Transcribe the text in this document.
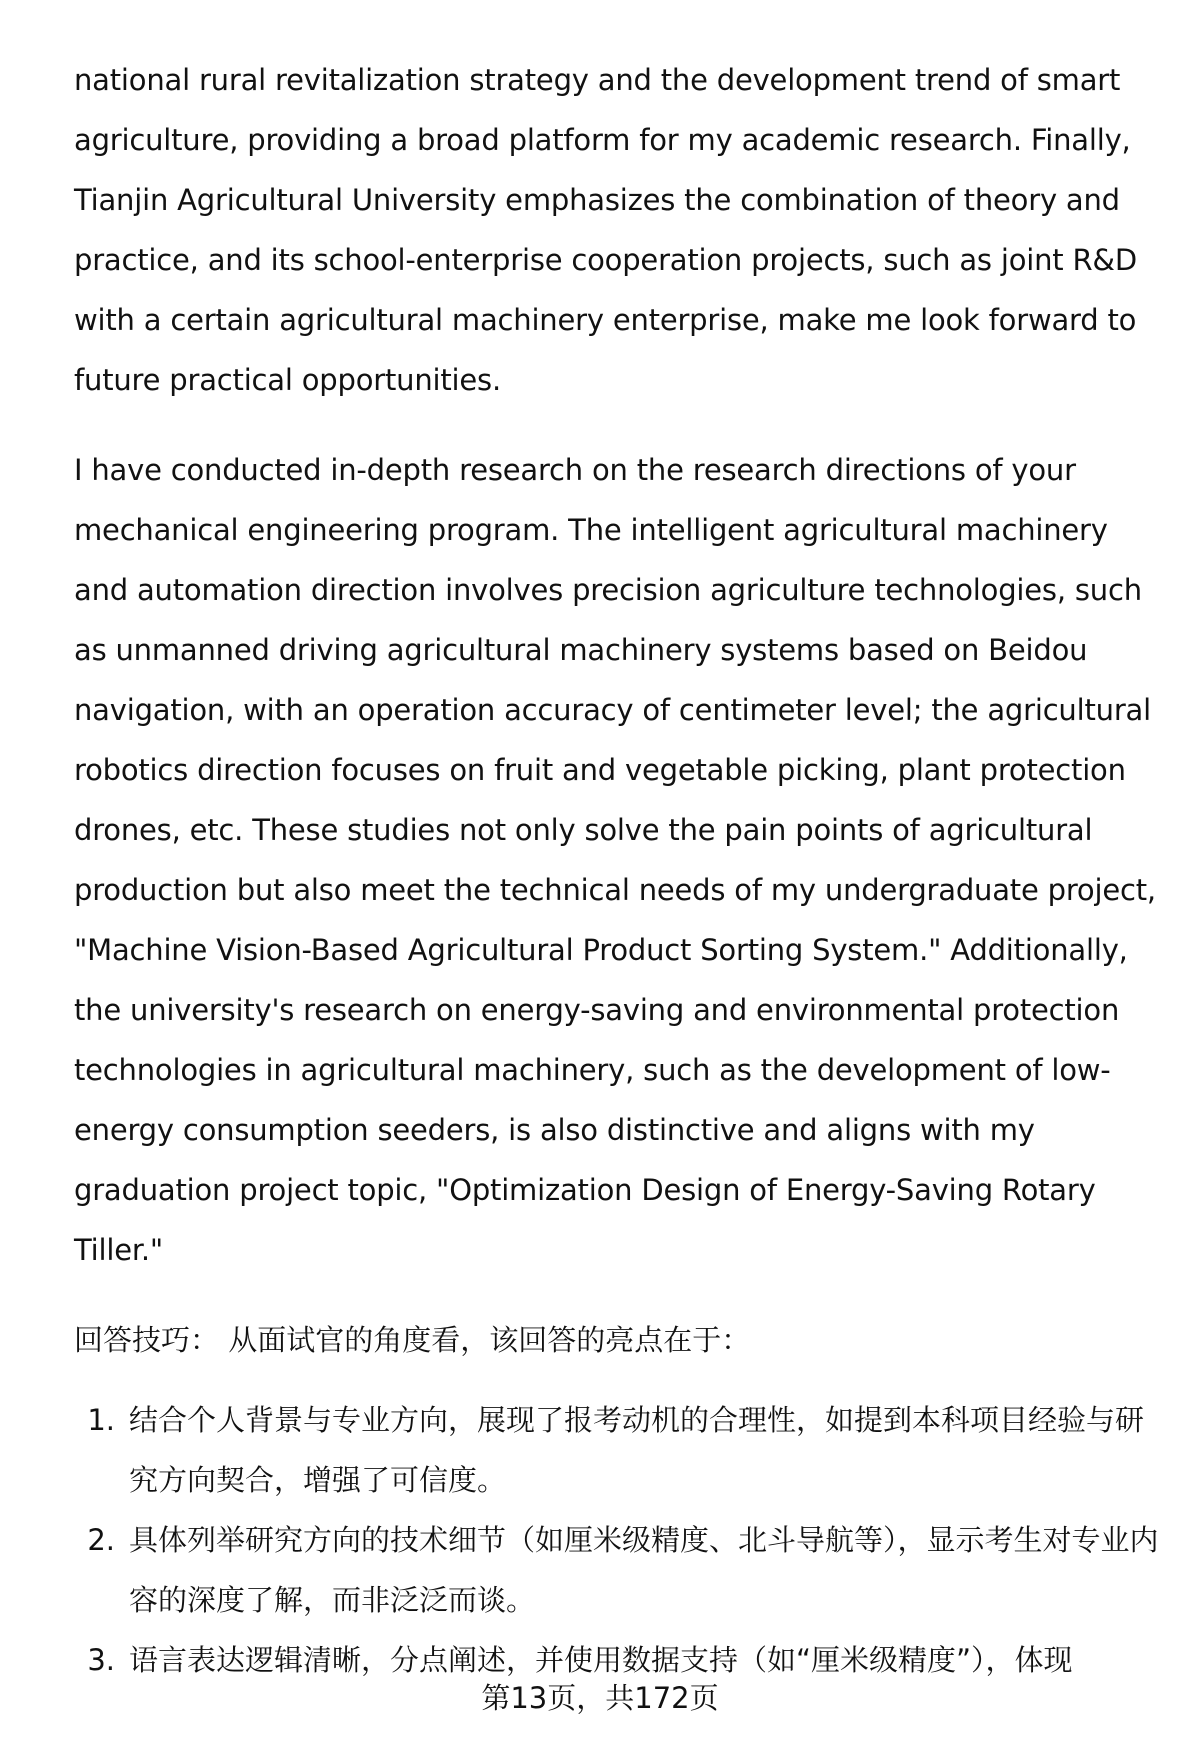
national rural revitalization strategy and the development trend of smart agriculture, providing a broad platform for my academic research. Finally, Tianjin Agricultural University emphasizes the combination of theory and practice, and its school-enterprise cooperation projects, such as joint R&D with a certain agricultural machinery enterprise, make me look forward to future practical opportunities.

I have conducted in-depth research on the research directions of your mechanical engineering program. The intelligent agricultural machinery and automation direction involves precision agriculture technologies, such as unmanned driving agricultural machinery systems based on Beidou navigation, with an operation accuracy of centimeter level; the agricultural robotics direction focuses on fruit and vegetable picking, plant protection drones, etc. These studies not only solve the pain points of agricultural production but also meet the technical needs of my undergraduate project, "Machine Vision-Based Agricultural Product Sorting System." Additionally, the university's research on energy-saving and environmental protection technologies in agricultural machinery, such as the development of low-energy consumption seeders, is also distinctive and aligns with my graduation project topic, "Optimization Design of Energy-Saving Rotary Tiller."

回答技巧： 从面试官的角度看，该回答的亮点在于：
1. 结合个人背景与专业方向，展现了报考动机的合理性，如提到本科项目经验与研究方向契合，增强了可信度。
2. 具体列举研究方向的技术细节（如厘米级精度、北斗导航等），显示考生对专业内容的深度了解，而非泛泛而谈。
3. 语言表达逻辑清晰，分点阐述，并使用数据支持（如“厘米级精度”），体现
第13页，共172页
